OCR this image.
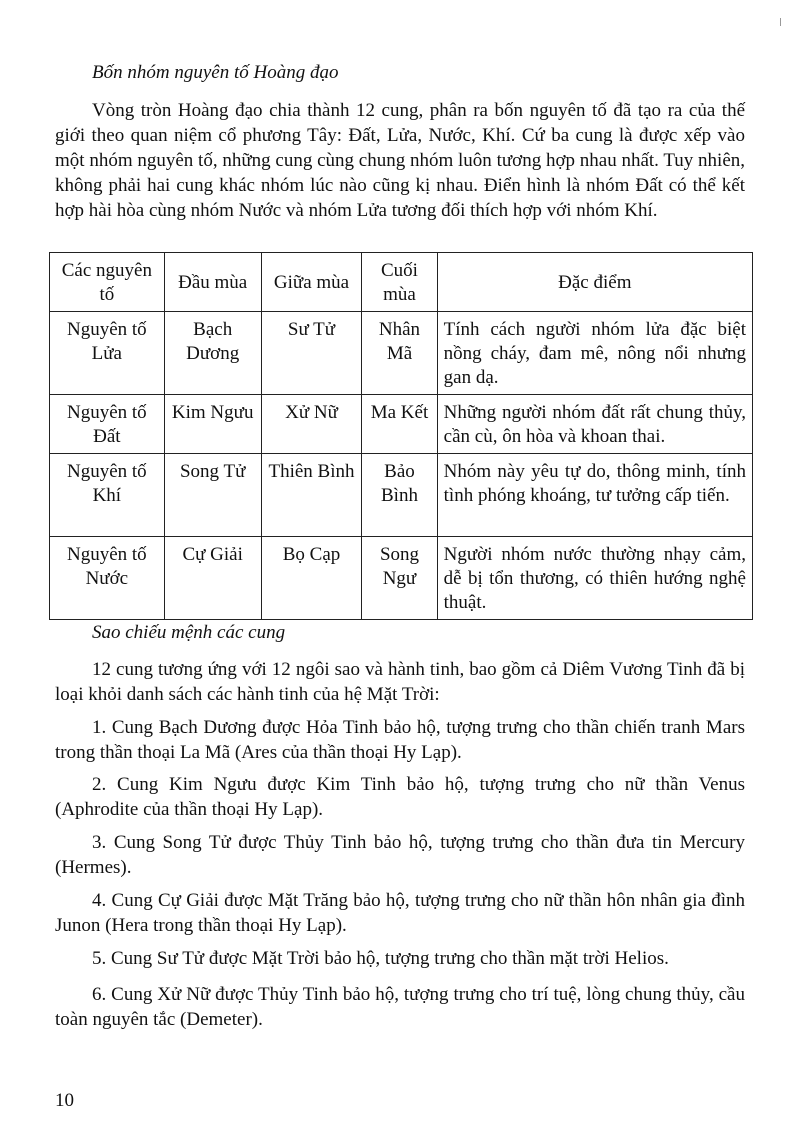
Bốn nhóm nguyên tố Hoàng đạo
Vòng tròn Hoàng đạo chia thành 12 cung, phân ra bốn nguyên tố đã tạo ra của thế giới theo quan niệm cổ phương Tây: Đất, Lửa, Nước, Khí. Cứ ba cung là được xếp vào một nhóm nguyên tố, những cung cùng chung nhóm luôn tương hợp nhau nhất. Tuy nhiên, không phải hai cung khác nhóm lúc nào cũng kị nhau. Điển hình là nhóm Đất có thể kết hợp hài hòa cùng nhóm Nước và nhóm Lửa tương đối thích hợp với nhóm Khí.
Các nguyên tố	Đầu mùa	Giữa mùa	Cuối mùa	Đặc điểm
Nguyên tố Lửa	Bạch Dương	Sư Tử	Nhân Mã	Tính cách người nhóm lửa đặc biệt nồng cháy, đam mê, nông nổi nhưng gan dạ.
Nguyên tố Đất	Kim Ngưu	Xử Nữ	Ma Kết	Những người nhóm đất rất chung thủy, cần cù, ôn hòa và khoan thai.
Nguyên tố Khí	Song Tử	Thiên Bình	Bảo Bình	Nhóm này yêu tự do, thông minh, tính tình phóng khoáng, tư tưởng cấp tiến.
Nguyên tố Nước	Cự Giải	Bọ Cạp	Song Ngư	Người nhóm nước thường nhạy cảm, dễ bị tổn thương, có thiên hướng nghệ thuật.
Sao chiếu mệnh các cung
12 cung tương ứng với 12 ngôi sao và hành tinh, bao gồm cả Diêm Vương Tinh đã bị loại khỏi danh sách các hành tinh của hệ Mặt Trời:
1. Cung Bạch Dương được Hỏa Tinh bảo hộ, tượng trưng cho thần chiến tranh Mars trong thần thoại La Mã (Ares của thần thoại Hy Lạp).
2. Cung Kim Ngưu được Kim Tinh bảo hộ, tượng trưng cho nữ thần Venus (Aphrodite của thần thoại Hy Lạp).
3. Cung Song Tử được Thủy Tinh bảo hộ, tượng trưng cho thần đưa tin Mercury (Hermes).
4. Cung Cự Giải được Mặt Trăng bảo hộ, tượng trưng cho nữ thần hôn nhân gia đình Junon (Hera trong thần thoại Hy Lạp).
5. Cung Sư Tử được Mặt Trời bảo hộ, tượng trưng cho thần mặt trời Helios.
6. Cung Xử Nữ được Thủy Tinh bảo hộ, tượng trưng cho trí tuệ, lòng chung thủy, cầu toàn nguyên tắc (Demeter).
10
